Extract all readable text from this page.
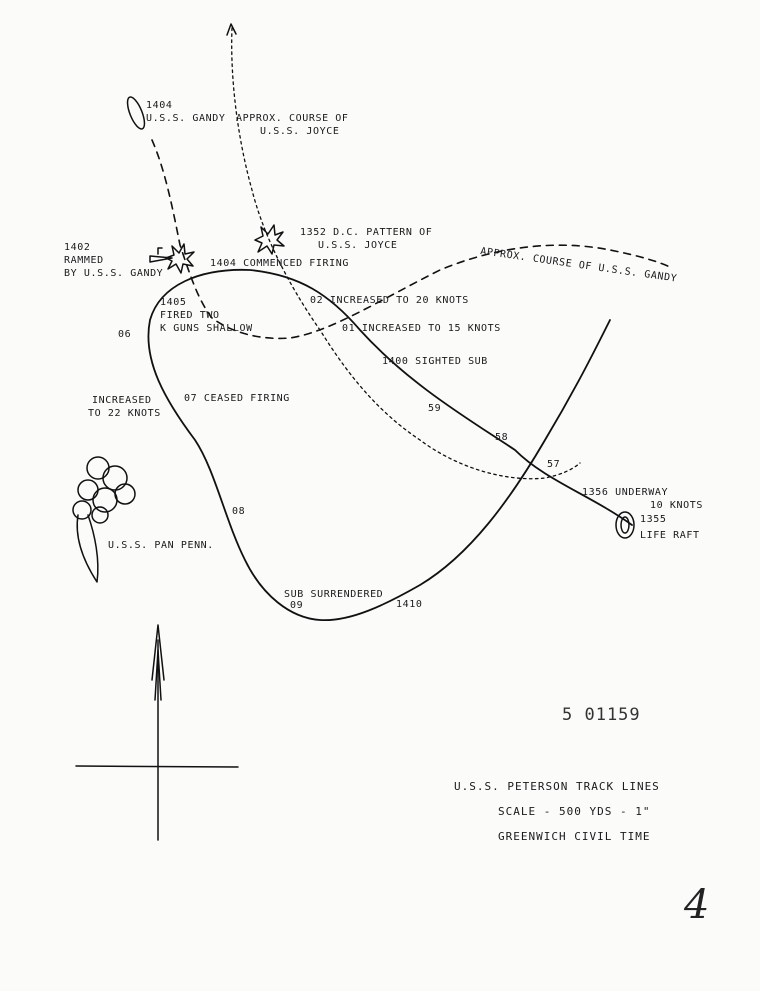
1404
U.S.S. GANDY APPROX. COURSE OF
U.S.S. JOYCE
1352 D.C. PATTERN OF
U.S.S. JOYCE
1402
RAMMED
BY U.S.S. GANDY
1404 COMMENCED FIRING	APPROX. COURSE OF U.S.S. GANDY
1405
FIRED TWO
K GUNS SHALLOW
02 INCREASED TO 20 KNOTS
01 INCREASED TO 15 KNOTS
06
1400 SIGHTED SUB
INCREASED
TO 22 KNOTS
07 CEASED FIRING
59
58
57
1356 UNDERWAY
10 KNOTS
1355
LIFE RAFT
08
U.S.S. PAN PENN.
SUB SURRENDERED
09	1410
5 01159
U.S.S. PETERSON TRACK LINES
SCALE - 500 YDS - 1"
GREENWICH CIVIL TIME
4
